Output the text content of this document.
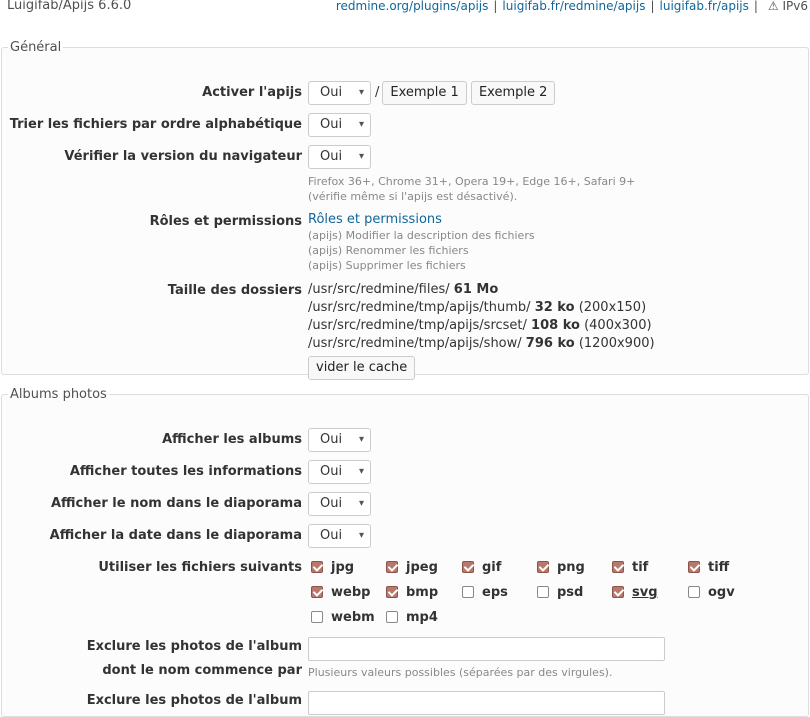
Luigifab/Apijs 6.6.0	redmine.org/plugins/apijs | luigifab.fr/redmine/apijs | luigifab.fr/apijs | ⚠ IPv6
Général
Activer l'apijs	Oui ▾ / Exemple 1 Exemple 2
Trier les fichiers par ordre alphabétique	Oui ▾
Vérifier la version du navigateur	Oui ▾
Firefox 36+, Chrome 31+, Opera 19+, Edge 16+, Safari 9+
(vérifie même si l'apijs est désactivé).
Rôles et permissions Rôles et permissions
(apijs) Modifier la description des fichiers
(apijs) Renommer les fichiers
(apijs) Supprimer les fichiers
Taille des dossiers /usr/src/redmine/files/ 61 Mo
/usr/src/redmine/tmp/apijs/thumb/ 32 ko (200x150)
/usr/src/redmine/tmp/apijs/srcset/ 108 ko (400x300)
/usr/src/redmine/tmp/apijs/show/ 796 ko (1200x900)
vider le cache
Albums photos
Afficher les albums	Oui ▾
Afficher toutes les informations	Oui ▾
Afficher le nom dans le diaporama	Oui ▾
Afficher la date dans le diaporama	Oui ▾
Utiliser les fichiers suivants	jpg	jpeg	gif	png	tif	tiff
webp	bmp	eps	psd	svg	ogv
webm	mp4
Exclure les photos de l'album
dont le nom commence par Plusieurs valeurs possibles (séparées par des virgules).
Exclure les photos de l'album
